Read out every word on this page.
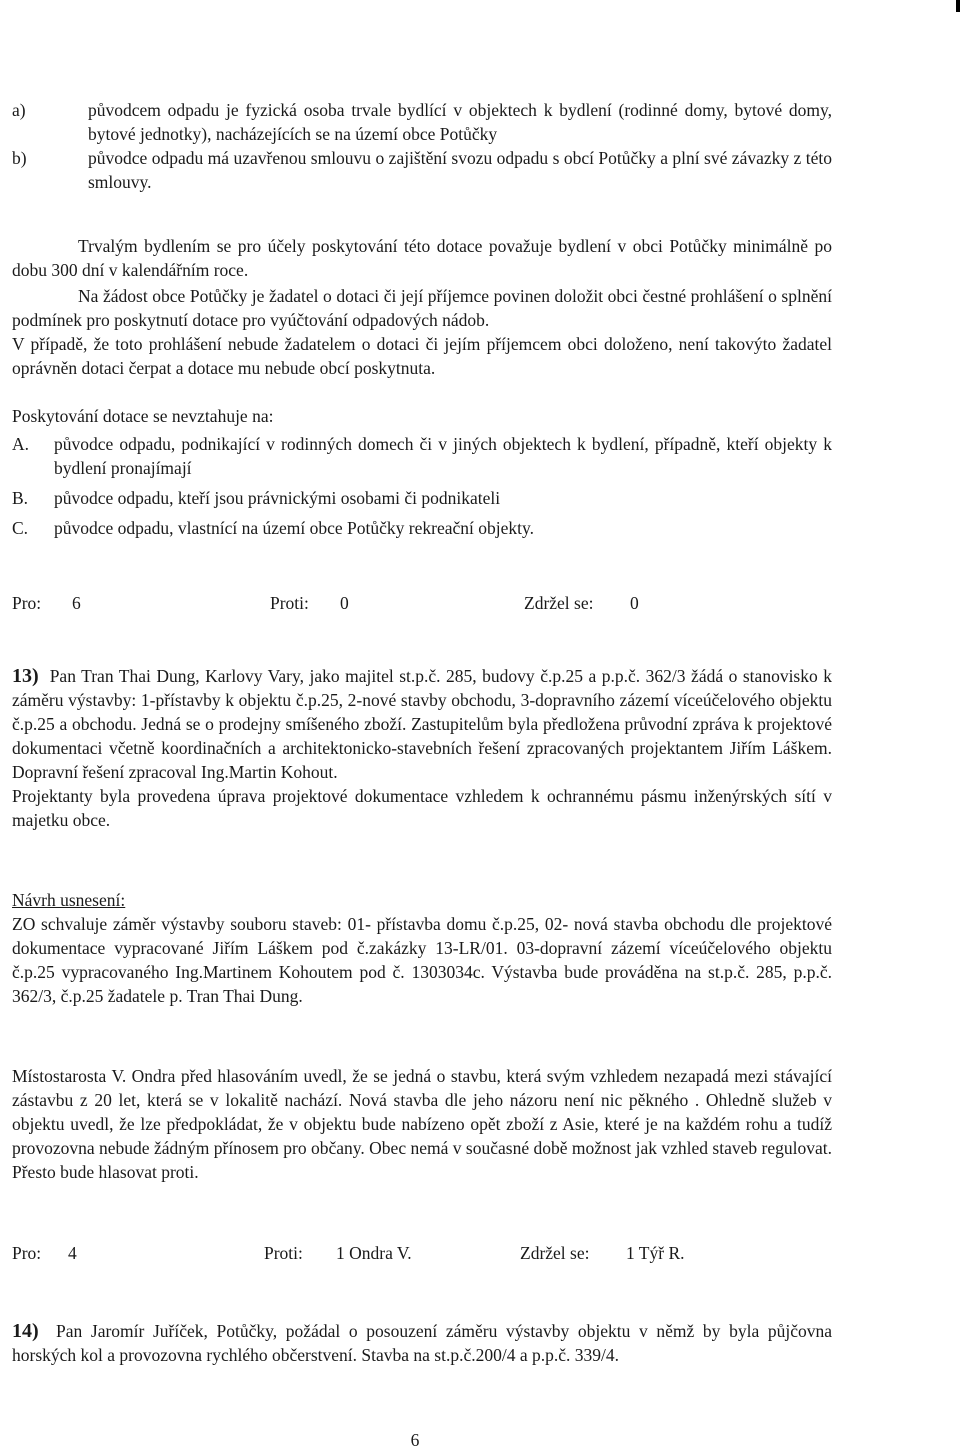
a)	původcem odpadu je fyzická osoba trvale bydlící v objektech k bydlení (rodinné domy, bytové domy, bytové jednotky), nacházejících se na území obce Potůčky

b)	původce odpadu má uzavřenou smlouvu o zajištění svozu odpadu s obcí Potůčky a plní své závazky z této smlouvy.

Trvalým bydlením se pro účely poskytování této dotace považuje bydlení v obci Potůčky minimálně po dobu 300 dní v kalendářním roce.

Na žádost obce Potůčky je žadatel o dotaci či její příjemce povinen doložit obci čestné prohlášení o splnění podmínek pro poskytnutí dotace pro vyúčtování odpadových nádob.

V případě, že toto prohlášení nebude žadatelem o dotaci či jejím příjemcem obci doloženo, není takovýto žadatel oprávněn dotaci čerpat a dotace mu nebude obcí poskytnuta.

Poskytování dotace se nevztahuje na:
A. původce odpadu, podnikající v rodinných domech či v jiných objektech k bydlení, případně, kteří objekty k bydlení pronajímají

B. původce odpadu, kteří jsou právnickými osobami či podnikateli

C. původce odpadu, vlastnící na území obce Potůčky rekreační objekty.

Pro: 6	Proti: 0	Zdržel se: 0

13) Pan Tran Thai Dung, Karlovy Vary, jako majitel st.p.č. 285, budovy č.p.25 a p.p.č. 362/3 žádá o stanovisko k záměru výstavby: 1-přístavby k objektu č.p.25, 2-nové stavby obchodu, 3-dopravního zázemí víceúčelového objektu č.p.25 a obchodu. Jedná se o prodejny smíšeného zboží. Zastupitelům byla předložena průvodní zpráva k projektové dokumentaci včetně koordinačních a architektonicko-stavebních řešení zpracovaných projektantem Jiřím Láškem. Dopravní řešení zpracoval Ing.Martin Kohout.

Projektanty byla provedena úprava projektové dokumentace vzhledem k ochrannému pásmu inženýrských sítí v majetku obce.

Návrh usnesení:

ZO schvaluje záměr výstavby souboru staveb: 01- přístavba domu č.p.25, 02- nová stavba obchodu dle projektové dokumentace vypracované Jiřím Láškem pod č.zakázky 13-LR/01. 03-dopravní zázemí víceúčelového objektu č.p.25 vypracovaného Ing.Martinem Kohoutem pod č. 1303034c. Výstavba bude prováděna na st.p.č. 285, p.p.č. 362/3, č.p.25 žadatele p. Tran Thai Dung.

Místostarosta V. Ondra před hlasováním uvedl, že se jedná o stavbu, která svým vzhledem nezapadá mezi stávající zástavbu z 20 let, která se v lokalitě nachází. Nová stavba dle jeho názoru není nic pěkného . Ohledně služeb v objektu uvedl, že lze předpokládat, že v objektu bude nabízeno opět zboží z Asie, které je na každém rohu a tudíž provozovna nebude žádným přínosem pro občany. Obec nemá v současné době možnost jak vzhled staveb regulovat. Přesto bude hlasovat proti.

Pro: 4	Proti: 1 Ondra V.	Zdržel se: 1 Týř R.

14) Pan Jaromír Juříček, Potůčky, požádal o posouzení záměru výstavby objektu v němž by byla půjčovna horských kol a provozovna rychlého občerstvení. Stavba na st.p.č.200/4 a p.p.č. 339/4.

6
